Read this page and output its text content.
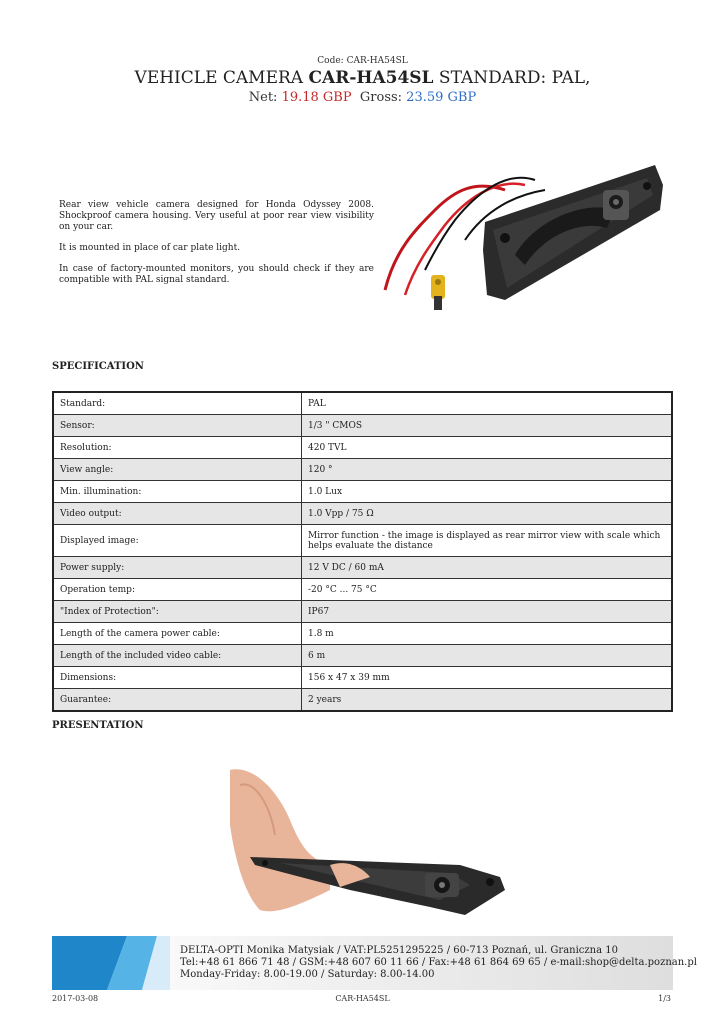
Code: CAR-HA54SL
VEHICLE CAMERA CAR-HA54SL STANDARD: PAL,
Net: 19.18 GBP Gross: 23.59 GBP

Rear view vehicle camera designed for Honda Odyssey 2008. Shockproof camera housing. Very useful at poor rear view visibility on your car.

It is mounted in place of car plate light.

In case of factory-mounted monitors, you should check if they are compatible with PAL signal standard.

SPECIFICATION
Standard:	PAL
Sensor:	1/3 " CMOS
Resolution:	420 TVL
View angle:	120 °
Min. illumination:	1.0 Lux
Video output:	1.0 Vpp / 75 Ω
Displayed image:	Mirror function - the image is displayed as rear mirror view with scale which helps evaluate the distance
Power supply:	12 V DC / 60 mA
Operation temp:	-20 °C ... 75 °C
"Index of Protection":	IP67
Length of the camera power cable:	1.8 m
Length of the included video cable:	6 m
Dimensions:	156 x 47 x 39 mm
Guarantee:	2 years
PRESENTATION
DELTA-OPTI Monika Matysiak / VAT:PL5251295225 / 60-713 Poznań, ul. Graniczna 10
Tel:+48 61 866 71 48 / GSM:+48 607 60 11 66 / Fax:+48 61 864 69 65 / e-mail:shop@delta.poznan.pl
Monday-Friday: 8.00-19.00 / Saturday: 8.00-14.00
2017-03-08	CAR-HA54SL	1/3
